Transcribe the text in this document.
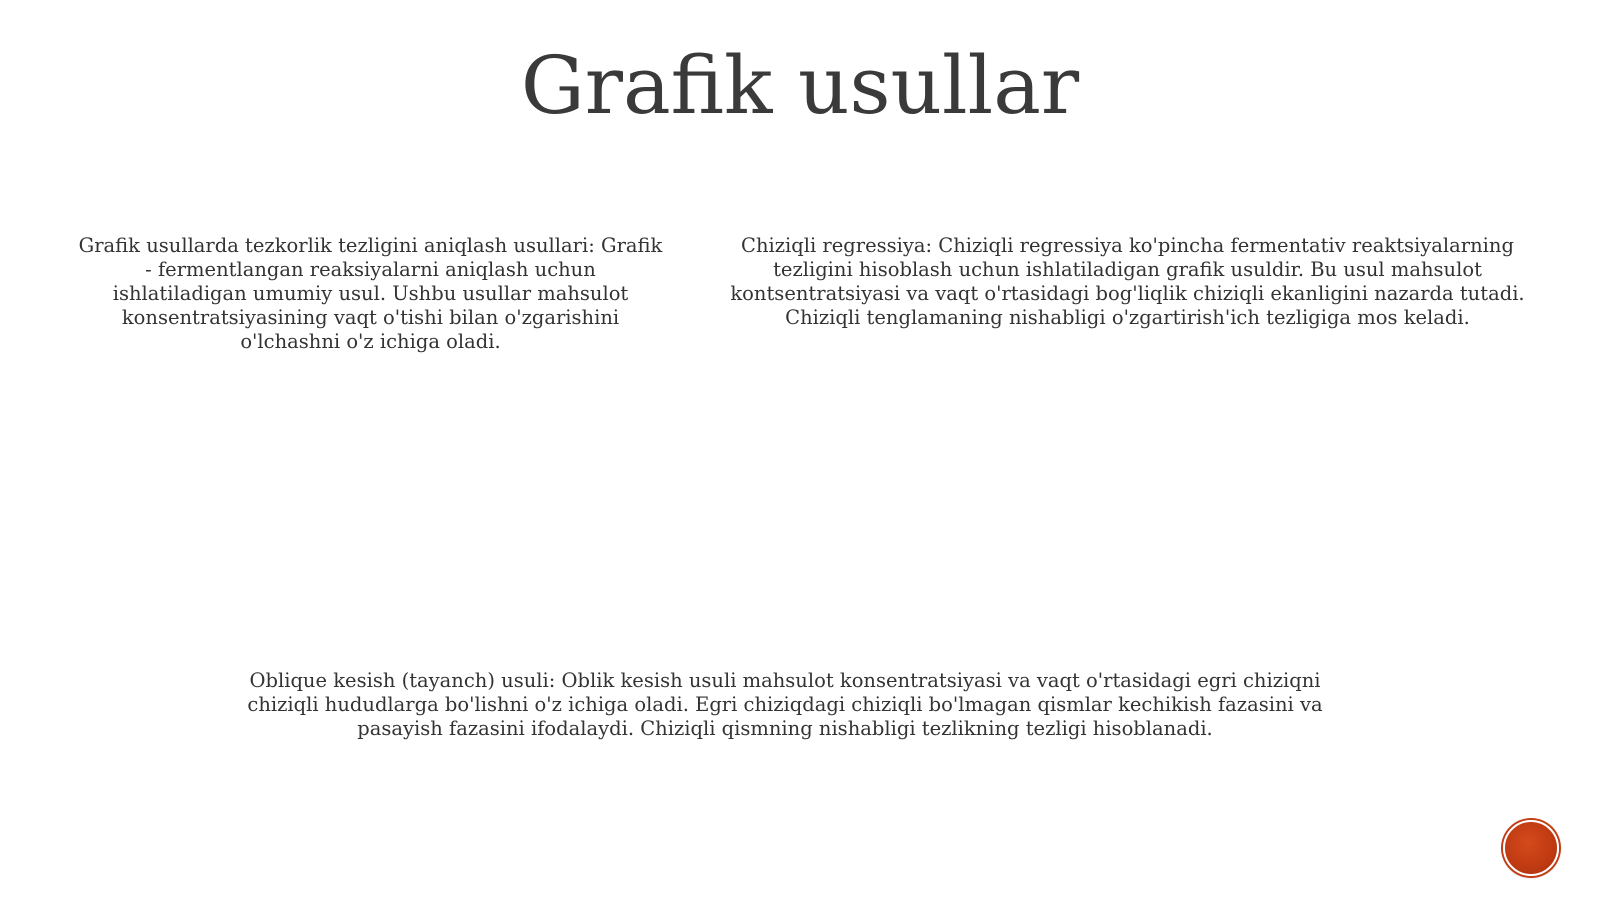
Grafik usullar

Grafik usullarda tezkorlik tezligini aniqlash usullari: Grafik - fermentlangan reaksiyalarni aniqlash uchun ishlatiladigan umumiy usul. Ushbu usullar mahsulot konsentratsiyasining vaqt o'tishi bilan o'zgarishini o'lchashni o'z ichiga oladi.

Chiziqli regressiya: Chiziqli regressiya ko'pincha fermentativ reaktsiyalarning tezligini hisoblash uchun ishlatiladigan grafik usuldir. Bu usul mahsulot kontsentratsiyasi va vaqt o'rtasidagi bog'liqlik chiziqli ekanligini nazarda tutadi. Chiziqli tenglamaning nishabligi o'zgartirish'ich tezligiga mos keladi.

Oblique kesish (tayanch) usuli: Oblik kesish usuli mahsulot konsentratsiyasi va vaqt o'rtasidagi egri chiziqni chiziqli hududlarga bo'lishni o'z ichiga oladi. Egri chiziqdagi chiziqli bo'lmagan qismlar kechikish fazasini va pasayish fazasini ifodalaydi. Chiziqli qismning nishabligi tezlikning tezligi hisoblanadi.
